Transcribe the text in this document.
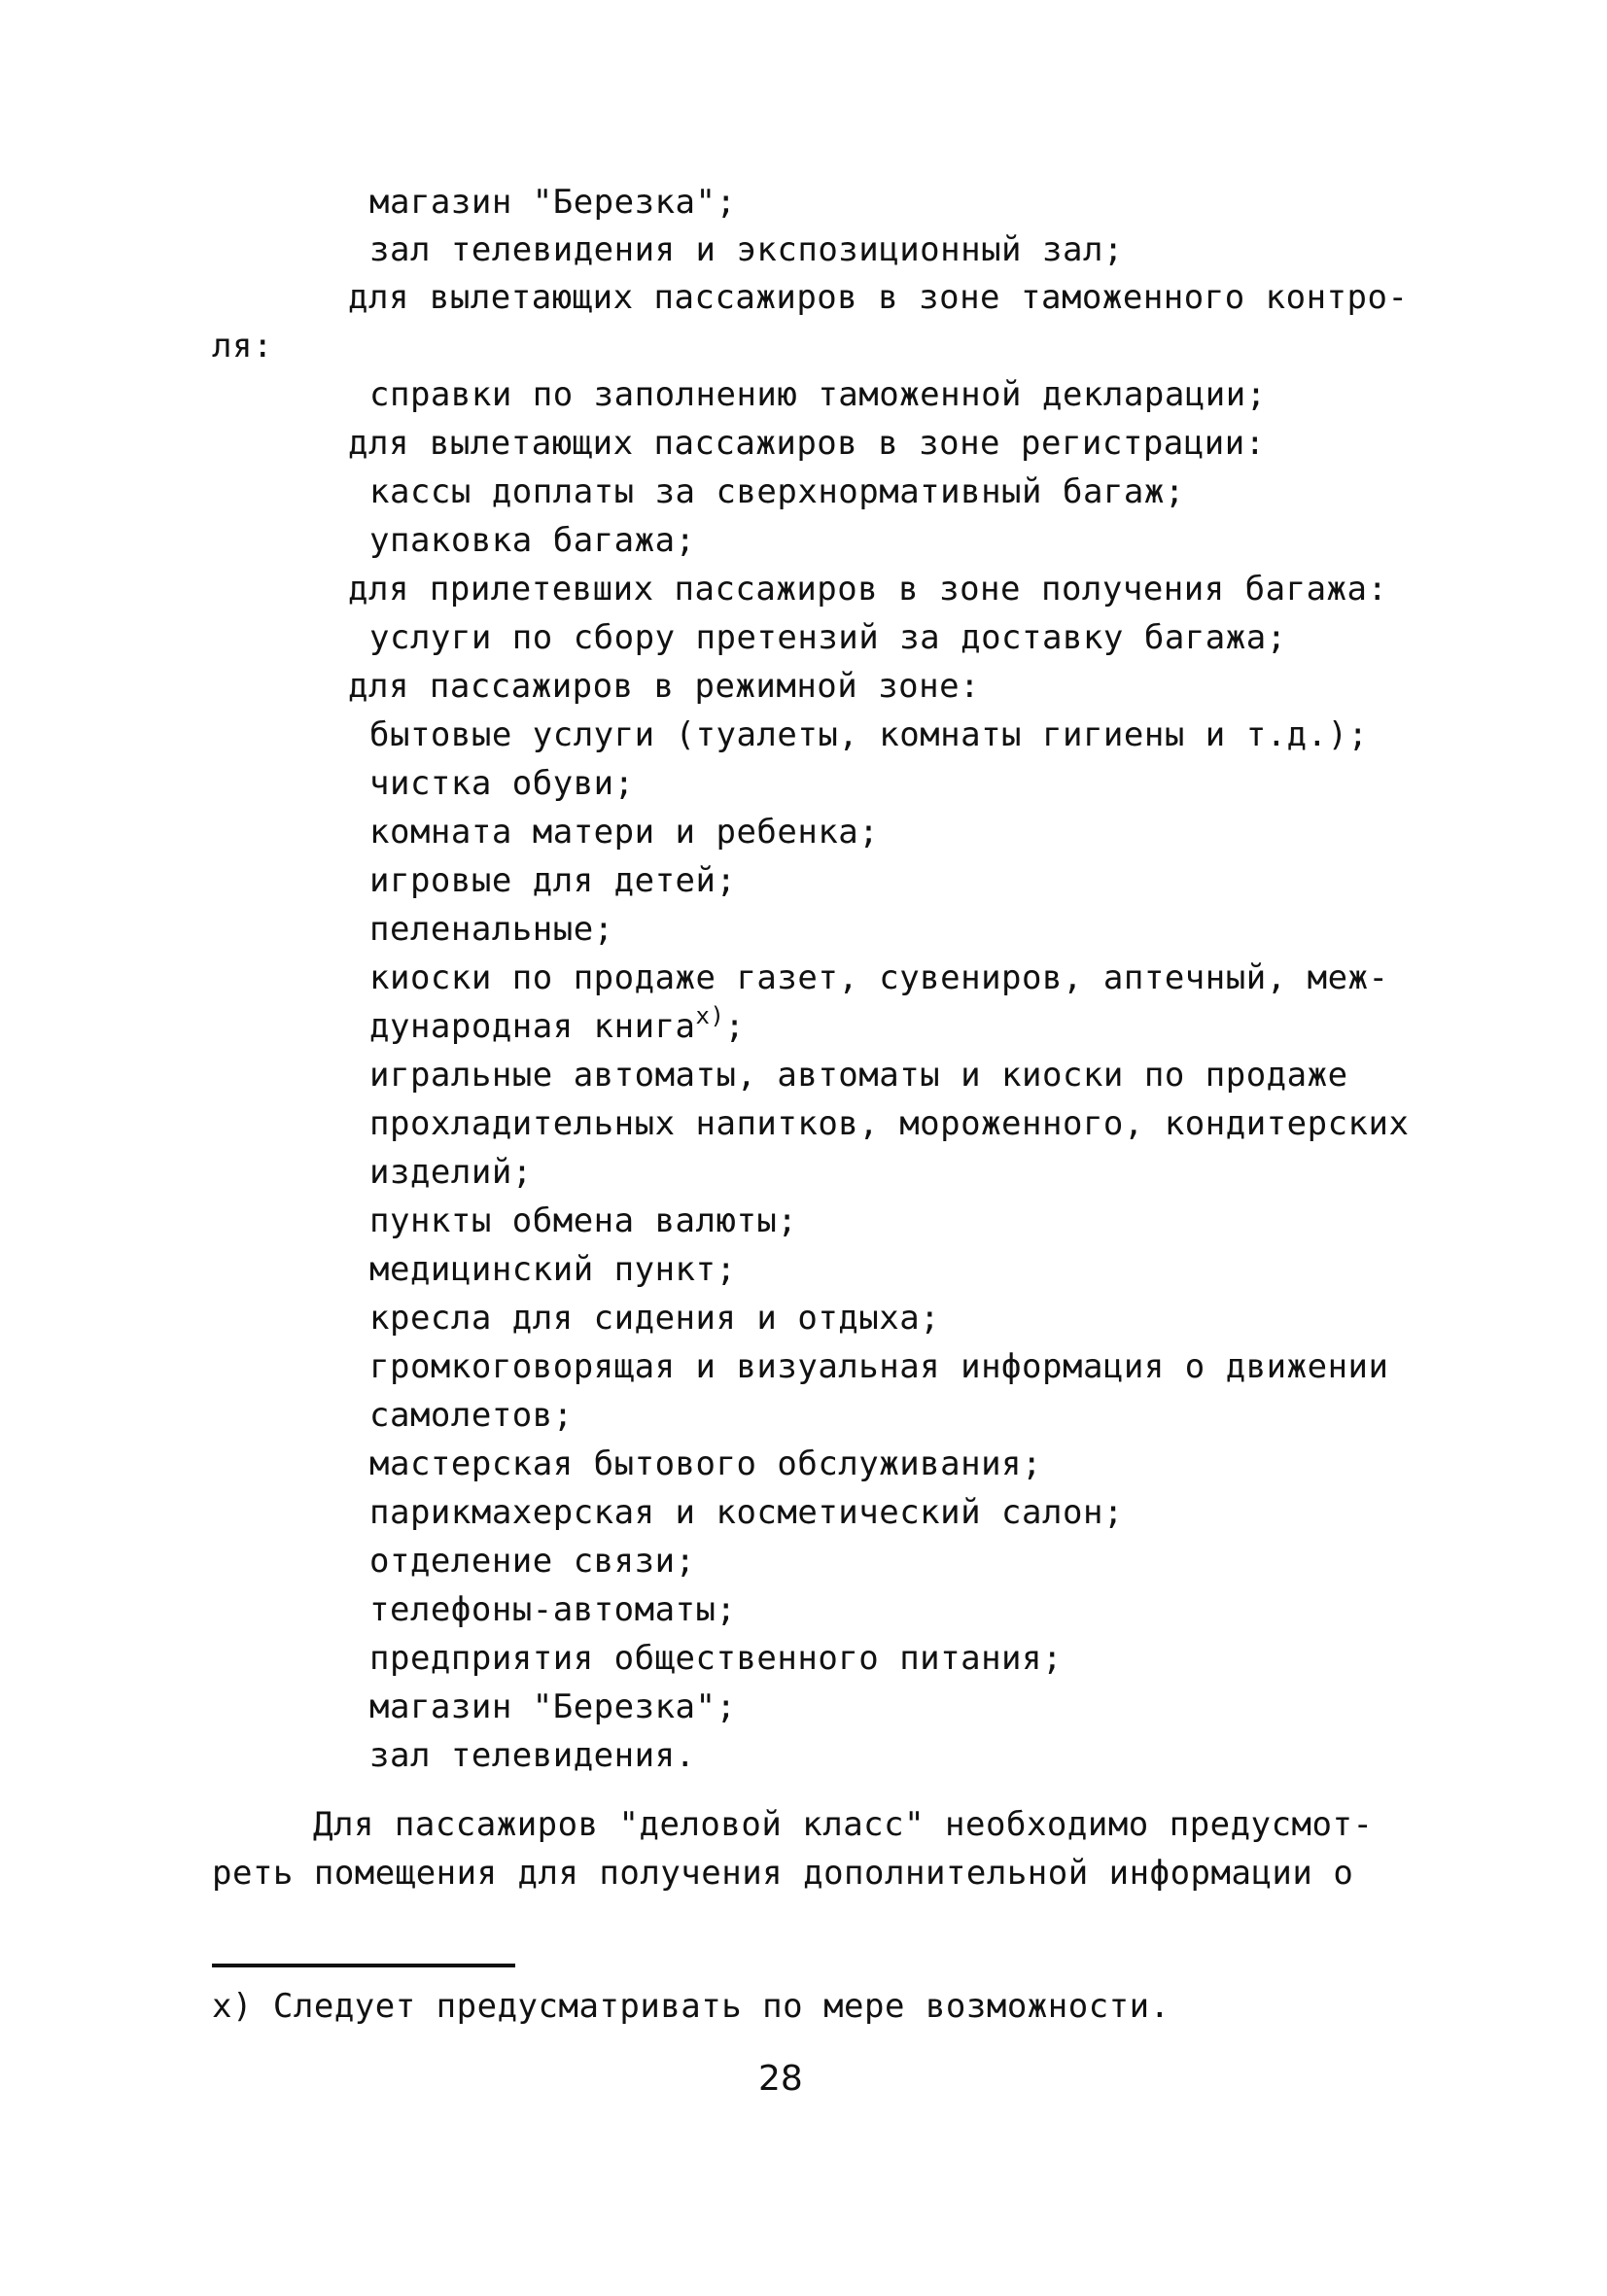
магазин "Березка";
зал телевидения и экспозиционный зал;
для вылетающих пассажиров в зоне таможенного контро-
ля:
справки по заполнению таможенной декларации;
для вылетающих пассажиров в зоне регистрации:
кассы доплаты за сверхнормативный багаж;
упаковка багажа;
для прилетевших пассажиров в зоне получения багажа:
услуги по сбору претензий за доставку багажа;
для пассажиров в режимной зоне:
бытовые услуги (туалеты, комнаты гигиены и т.д.);
чистка обуви;
комната матери и ребенка;
игровые для детей;
пеленальные;
киоски по продаже газет, сувениров, аптечный, меж-
дународная книга$^{х)}$;
игральные автоматы, автоматы и киоски по продаже
прохладительных напитков, мороженного, кондитерских
изделий;
пункты обмена валюты;
медицинский пункт;
кресла для сидения и отдыха;
громкоговорящая и визуальная информация о движении
самолетов;
мастерская бытового обслуживания;
парикмахерская и косметический салон;
отделение связи;
телефоны-автоматы;
предприятия общественного питания;
магазин "Березка";
зал телевидения.
Для пассажиров "деловой класс" необходимо предусмот-
реть помещения для получения дополнительной информации о
х) Следует предусматривать по мере возможности.
28
